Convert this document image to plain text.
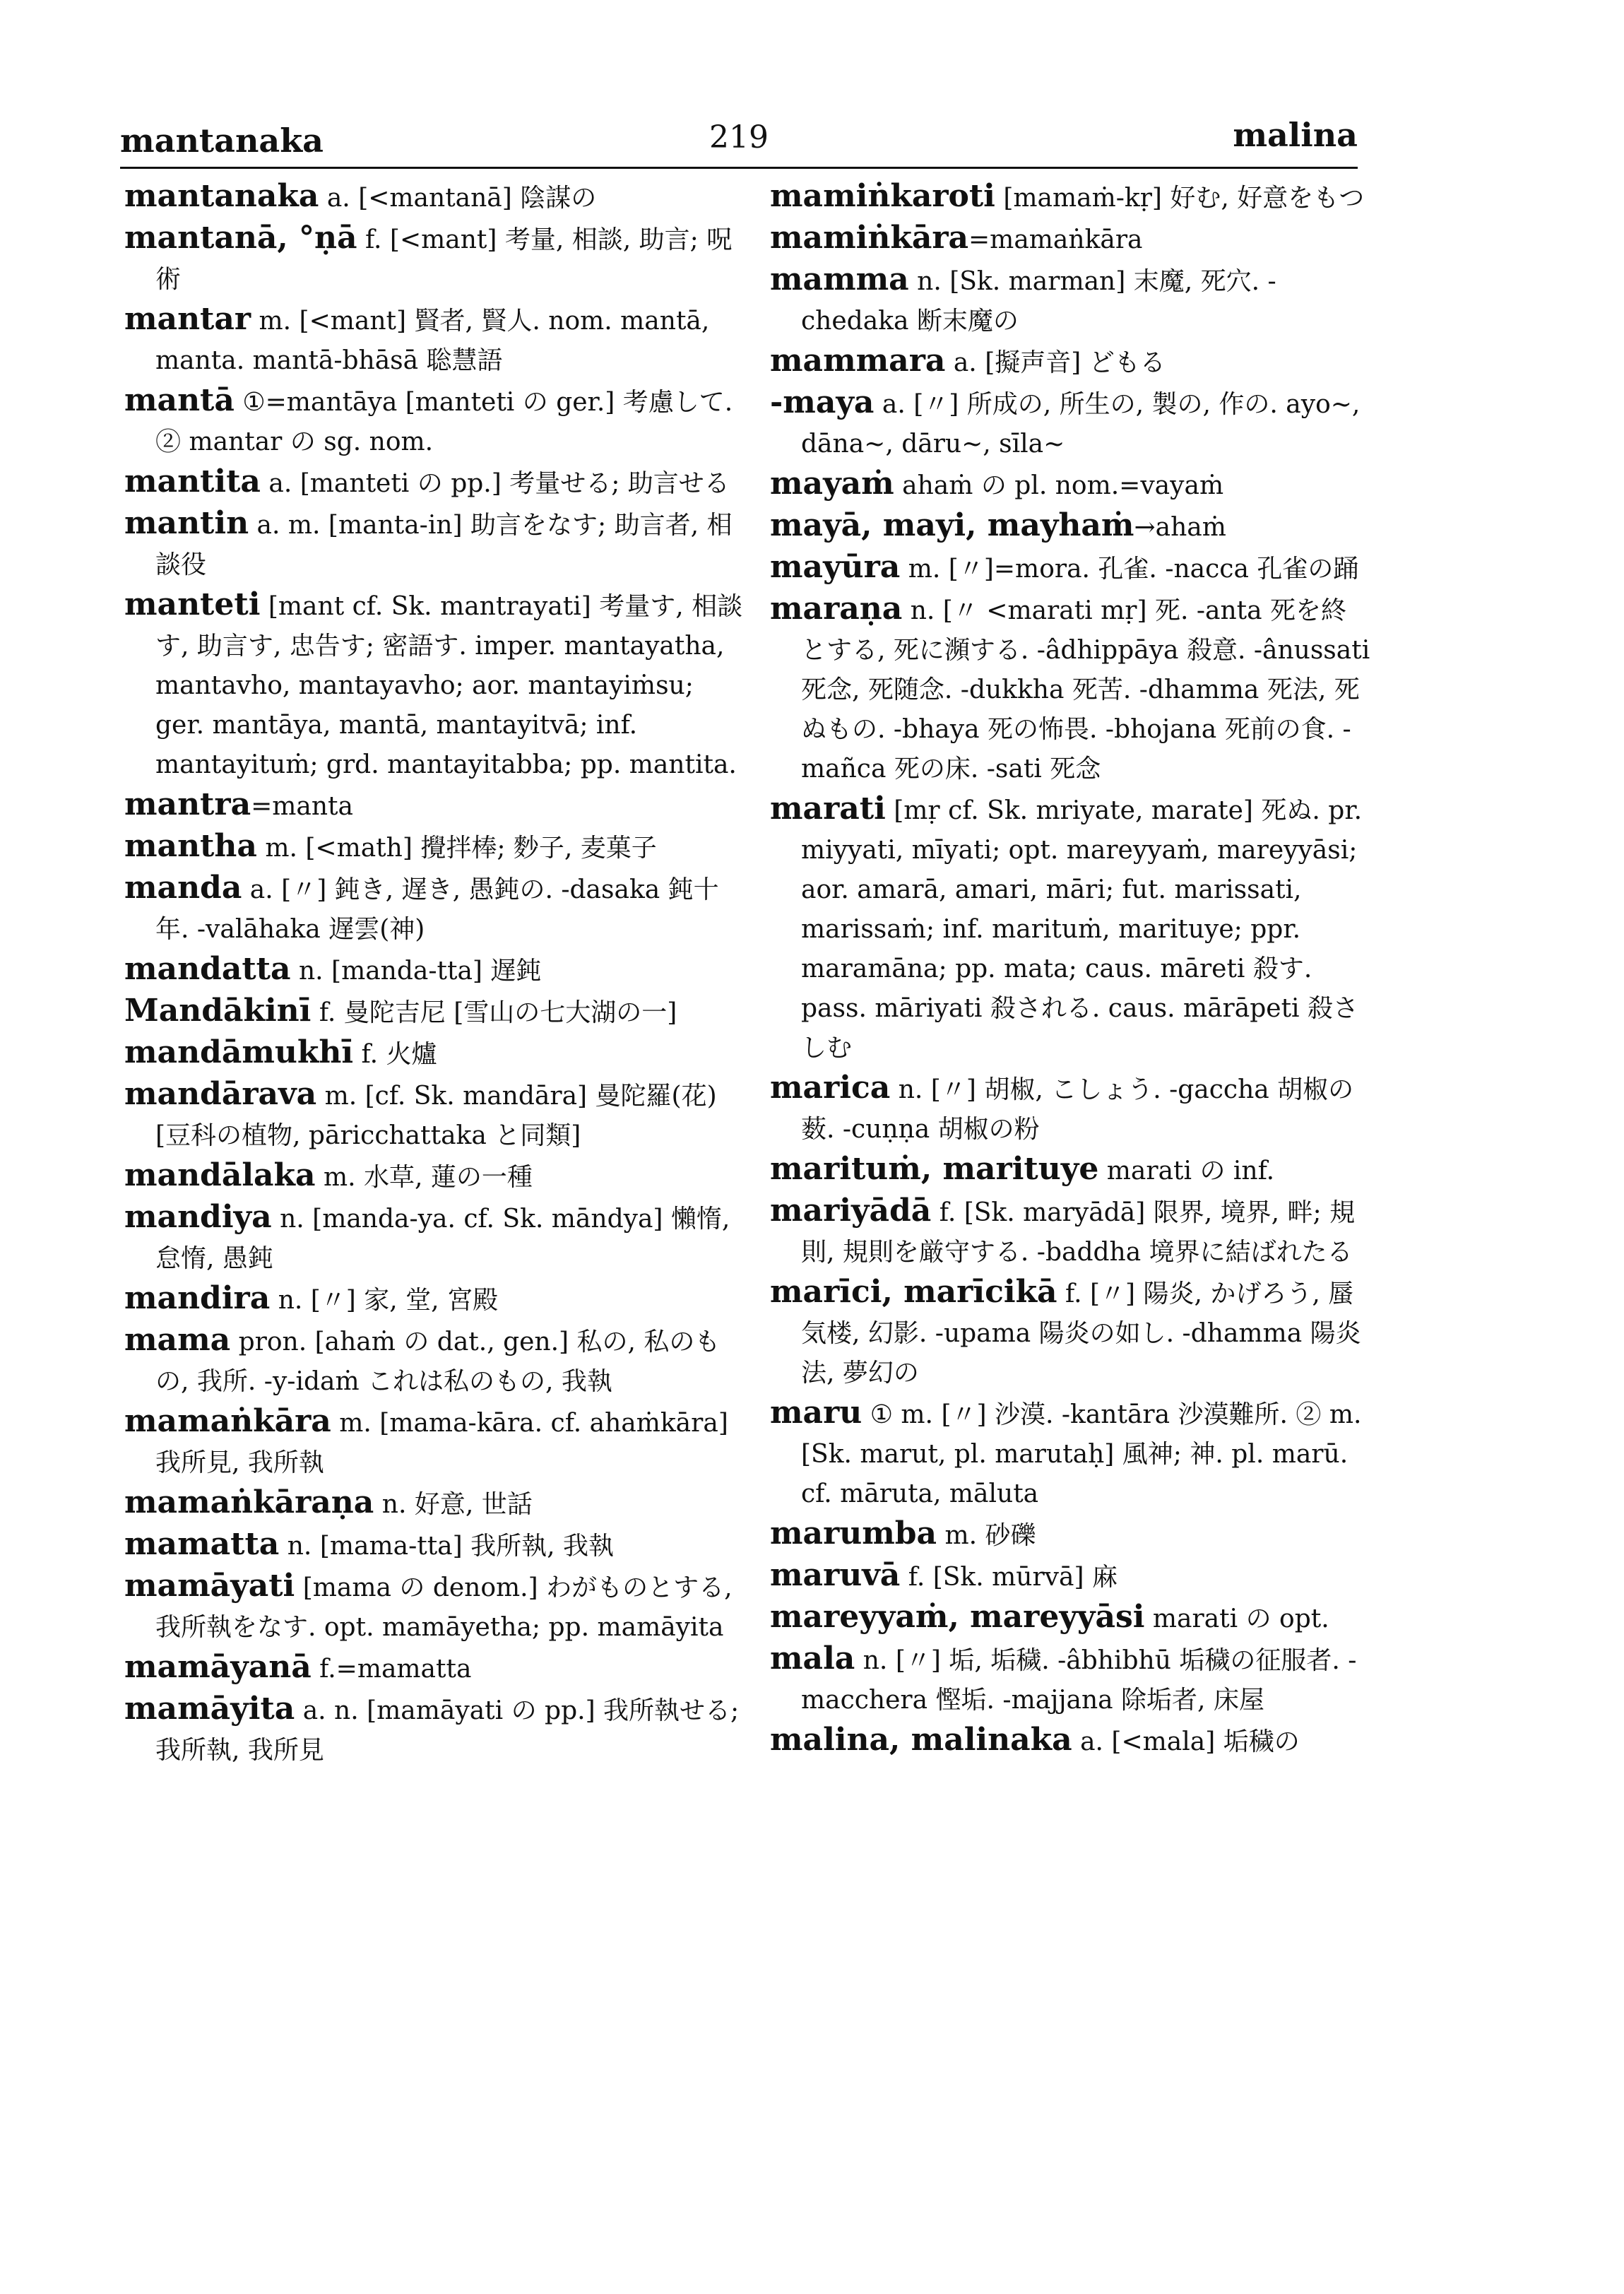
mantanaka	219	malina

mantanaka a. [<mantanā] 陰謀の

mantanā, °ṇā f. [<mant] 考量, 相談, 助言; 呪術

mantar m. [<mant] 賢者, 賢人. nom. mantā, manta. mantā-bhāsā 聡慧語

mantā ①=mantāya [manteti の ger.] 考慮して. ② mantar の sg. nom.

mantita a. [manteti の pp.] 考量せる; 助言せる

mantin a. m. [manta-in] 助言をなす; 助言者, 相談役

manteti [mant cf. Sk. mantrayati] 考量す, 相談す, 助言す, 忠告す; 密語す. imper. mantayatha, mantavho, mantayavho; aor. mantayiṁsu; ger. mantāya, mantā, mantayitvā; inf. mantayituṁ; grd. mantayitabba; pp. mantita.

mantra=manta

mantha m. [<math] 攪拌棒; 麨子, 麦菓子

manda a. [〃] 鈍き, 遅き, 愚鈍の. -dasaka 鈍十年. -valāhaka 遅雲(神)

mandatta n. [manda-tta] 遅鈍

Mandākinī f. 曼陀吉尼 [雪山の七大湖の一]

mandāmukhī f. 火爐

mandārava m. [cf. Sk. mandāra] 曼陀羅(花) [豆科の植物, pāricchattaka と同類]

mandālaka m. 水草, 蓮の一種

mandiya n. [manda-ya. cf. Sk. māndya] 懶惰, 怠惰, 愚鈍

mandira n. [〃] 家, 堂, 宮殿

mama pron. [ahaṁ の dat., gen.] 私の, 私のもの, 我所. -y-idaṁ これは私のもの, 我執

mamaṅkāra m. [mama-kāra. cf. ahaṁkāra] 我所見, 我所執

mamaṅkāraṇa n. 好意, 世話

mamatta n. [mama-tta] 我所執, 我執

mamāyati [mama の denom.] わがものとする, 我所執をなす. opt. mamāyetha; pp. mamāyita

mamāyanā f.=mamatta

mamāyita a. n. [mamāyati の pp.] 我所執せる; 我所執, 我所見

mamiṅkaroti [mamaṁ-kṛ] 好む, 好意をもつ

mamiṅkāra=mamaṅkāra

mamma n. [Sk. marman] 末魔, 死穴. -chedaka 断末魔の

mammara a. [擬声音] どもる

-maya a. [〃] 所成の, 所生の, 製の, 作の. ayo~, dāna~, dāru~, sīla~

mayaṁ ahaṁ の pl. nom.=vayaṁ

mayā, mayi, mayhaṁ→ahaṁ

mayūra m. [〃]=mora. 孔雀. -nacca 孔雀の踊

maraṇa n. [〃 <marati mṛ] 死. -anta 死を終とする, 死に瀕する. -âdhippāya 殺意. -ânussati 死念, 死随念. -dukkha 死苦. -dhamma 死法, 死ぬもの. -bhaya 死の怖畏. -bhojana 死前の食. -mañca 死の床. -sati 死念

marati [mṛ cf. Sk. mriyate, marate] 死ぬ. pr. miyyati, mīyati; opt. mareyyaṁ, mareyyāsi; aor. amarā, amari, māri; fut. marissati, marissaṁ; inf. marituṁ, marituye; ppr. maramāna; pp. mata; caus. māreti 殺す. pass. māriyati 殺される. caus. mārāpeti 殺さしむ

marica n. [〃] 胡椒, こしょう. -gaccha 胡椒の薮. -cuṇṇa 胡椒の粉

marituṁ, marituye marati の inf.

mariyādā f. [Sk. maryādā] 限界, 境界, 畔; 規則, 規則を厳守する. -baddha 境界に結ばれたる

marīci, marīcikā f. [〃] 陽炎, かげろう, 蜃気楼, 幻影. -upama 陽炎の如し. -dhamma 陽炎法, 夢幻の

maru ① m. [〃] 沙漠. -kantāra 沙漠難所. ② m. [Sk. marut, pl. marutaḥ] 風神; 神. pl. marū. cf. māruta, māluta

marumba m. 砂礫

maruvā f. [Sk. mūrvā] 麻

mareyyaṁ, mareyyāsi marati の opt.

mala n. [〃] 垢, 垢穢. -âbhibhū 垢穢の征服者. -macchera 慳垢. -majjana 除垢者, 床屋

malina, malinaka a. [<mala] 垢穢の
